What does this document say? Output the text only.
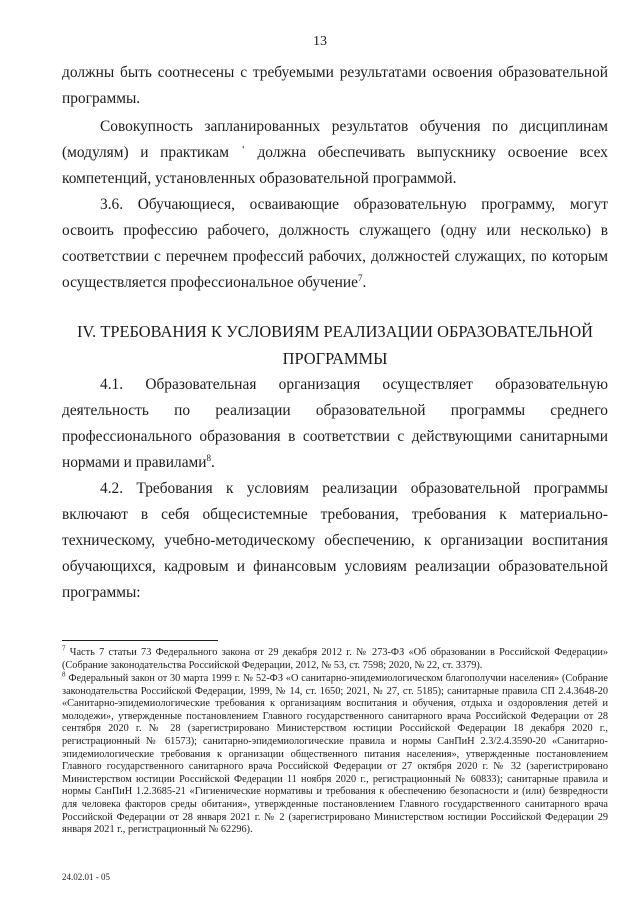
13

должны быть соотнесены с требуемыми результатами освоения образовательной программы.

Совокупность запланированных результатов обучения по дисциплинам (модулям) и практикам ˈ должна обеспечивать выпускнику освоение всех компетенций, установленных образовательной программой.

3.6. Обучающиеся, осваивающие образовательную программу, могут освоить профессию рабочего, должность служащего (одну или несколько) в соответствии с перечнем профессий рабочих, должностей служащих, по которым осуществляется профессиональное обучение$^7$.

IV. ТРЕБОВАНИЯ К УСЛОВИЯМ РЕАЛИЗАЦИИ ОБРАЗОВАТЕЛЬНОЙ ПРОГРАММЫ

4.1. Образовательная организация осуществляет образовательную деятельность по реализации образовательной программы среднего профессионального образования в соответствии с действующими санитарными нормами и правилами$^8$.

4.2. Требования к условиям реализации образовательной программы включают в себя общесистемные требования, требования к материально-техническому, учебно-методическому обеспечению, к организации воспитания обучающихся, кадровым и финансовым условиям реализации образовательной программы:

$^7$ Часть 7 статьи 73 Федерального закона от 29 декабря 2012 г. № 273-ФЗ «Об образовании в Российской Федерации» (Собрание законодательства Российской Федерации, 2012, № 53, ст. 7598; 2020, № 22, ст. 3379).

$^8$ Федеральный закон от 30 марта 1999 г. № 52-ФЗ «О санитарно-эпидемиологическом благополучии населения» (Собрание законодательства Российской Федерации, 1999, № 14, ст. 1650; 2021, № 27, ст. 5185); санитарные правила СП 2.4.3648-20 «Санитарно-эпидемиологические требования к организациям воспитания и обучения, отдыха и оздоровления детей и молодежи», утвержденные постановлением Главного государственного санитарного врача Российской Федерации от 28 сентября 2020 г. № 28 (зарегистрировано Министерством юстиции Российской Федерации 18 декабря 2020 г., регистрационный № 61573); санитарно-эпидемиологические правила и нормы СанПиН 2.3/2.4.3590-20 «Санитарно-эпидемиологические требования к организации общественного питания населения», утвержденные постановлением Главного государственного санитарного врача Российской Федерации от 27 октября 2020 г. № 32 (зарегистрировано Министерством юстиции Российской Федерации 11 ноября 2020 г., регистрационный № 60833); санитарные правила и нормы СанПиН 1.2.3685-21 «Гигиенические нормативы и требования к обеспечению безопасности и (или) безвредности для человека факторов среды обитания», утвержденные постановлением Главного государственного санитарного врача Российской Федерации от 28 января 2021 г. № 2 (зарегистрировано Министерством юстиции Российской Федерации 29 января 2021 г., регистрационный № 62296).

24.02.01 - 05
